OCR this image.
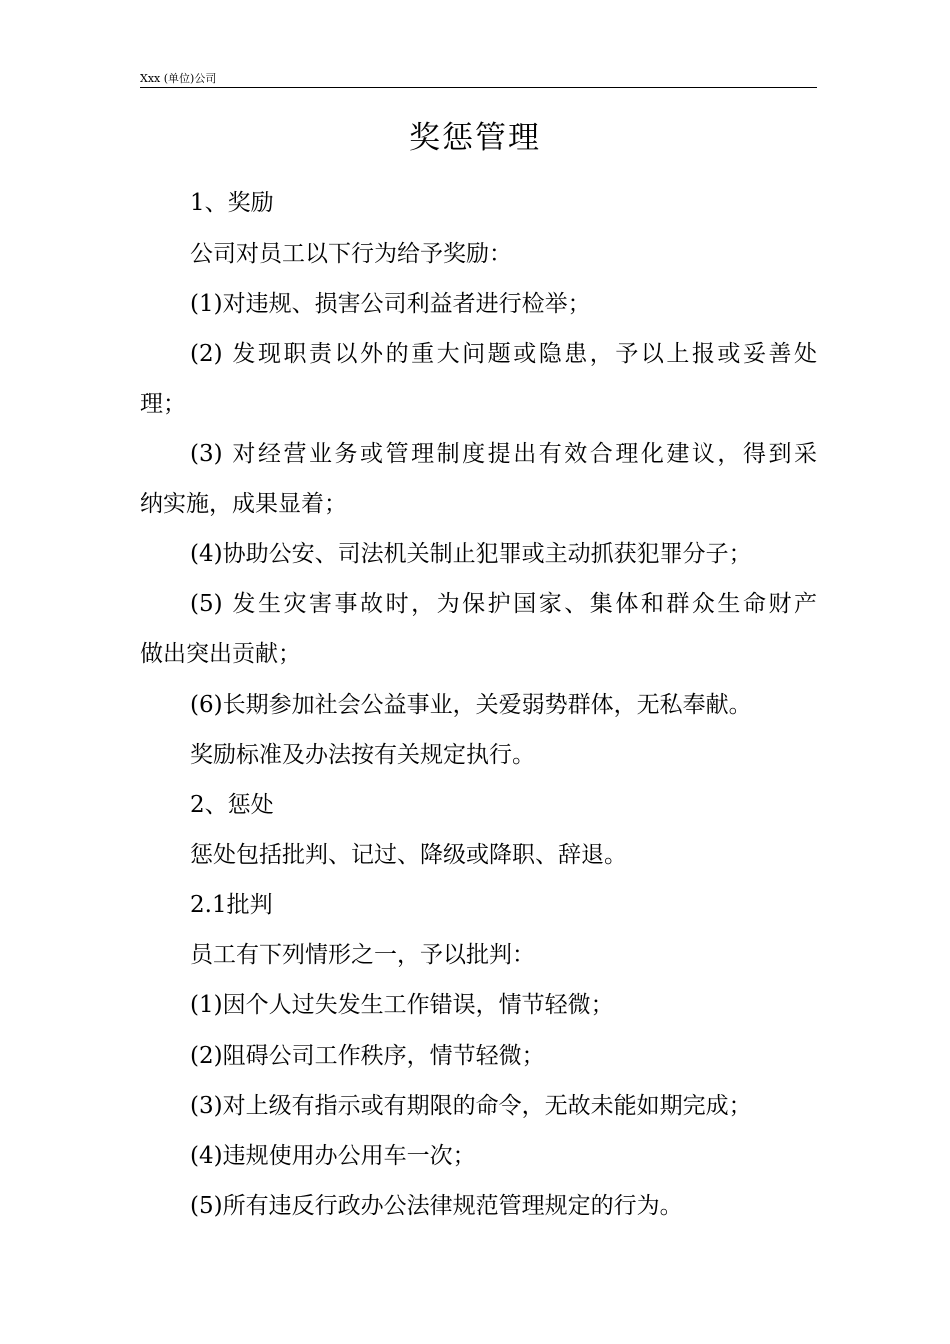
Xxx (单位)公司
奖惩管理
1、奖励
公司对员工以下行为给予奖励：
(1)对违规、损害公司利益者进行检举；
(2) 发现职责以外的重大问题或隐患，予以上报或妥善处
理；
(3) 对经营业务或管理制度提出有效合理化建议，得到采
纳实施，成果显着；
(4)协助公安、司法机关制止犯罪或主动抓获犯罪分子；
(5) 发生灾害事故时，为保护国家、集体和群众生命财产
做出突出贡献；
(6)长期参加社会公益事业，关爱弱势群体，无私奉献。
奖励标准及办法按有关规定执行。
2、惩处
惩处包括批判、记过、降级或降职、辞退。
2.1批判
员工有下列情形之一，予以批判：
(1)因个人过失发生工作错误，情节轻微；
(2)阻碍公司工作秩序，情节轻微；
(3)对上级有指示或有期限的命令，无故未能如期完成；
(4)违规使用办公用车一次；
(5)所有违反行政办公法律规范管理规定的行为。
